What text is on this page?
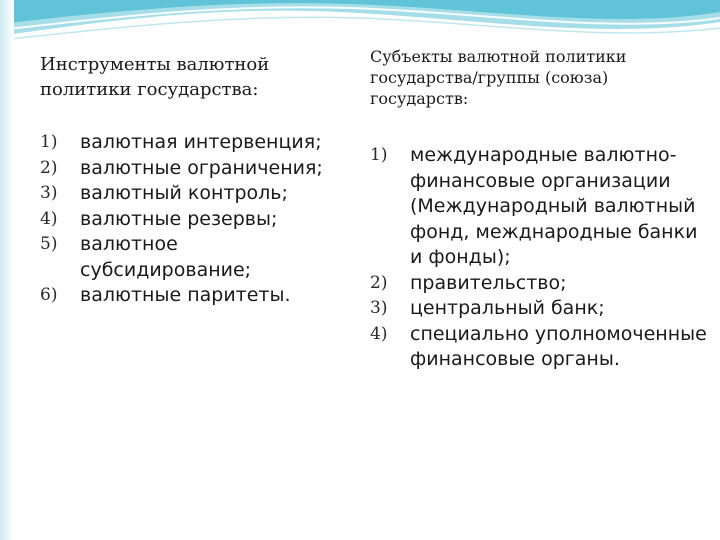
Инструменты валютной политики государства:
1) валютная интервенция;
2) валютные ограничения;
3) валютный контроль;
4) валютные резервы;
5) валютное субсидирование;
6) валютные паритеты.
Субъекты валютной политики государства/группы (союза) государств:
1) международные валютно-финансовые организации (Международный валютный фонд, межднародные банки и фонды);
2) правительство;
3) центральный банк;
4) специально уполномоченные финансовые органы.
